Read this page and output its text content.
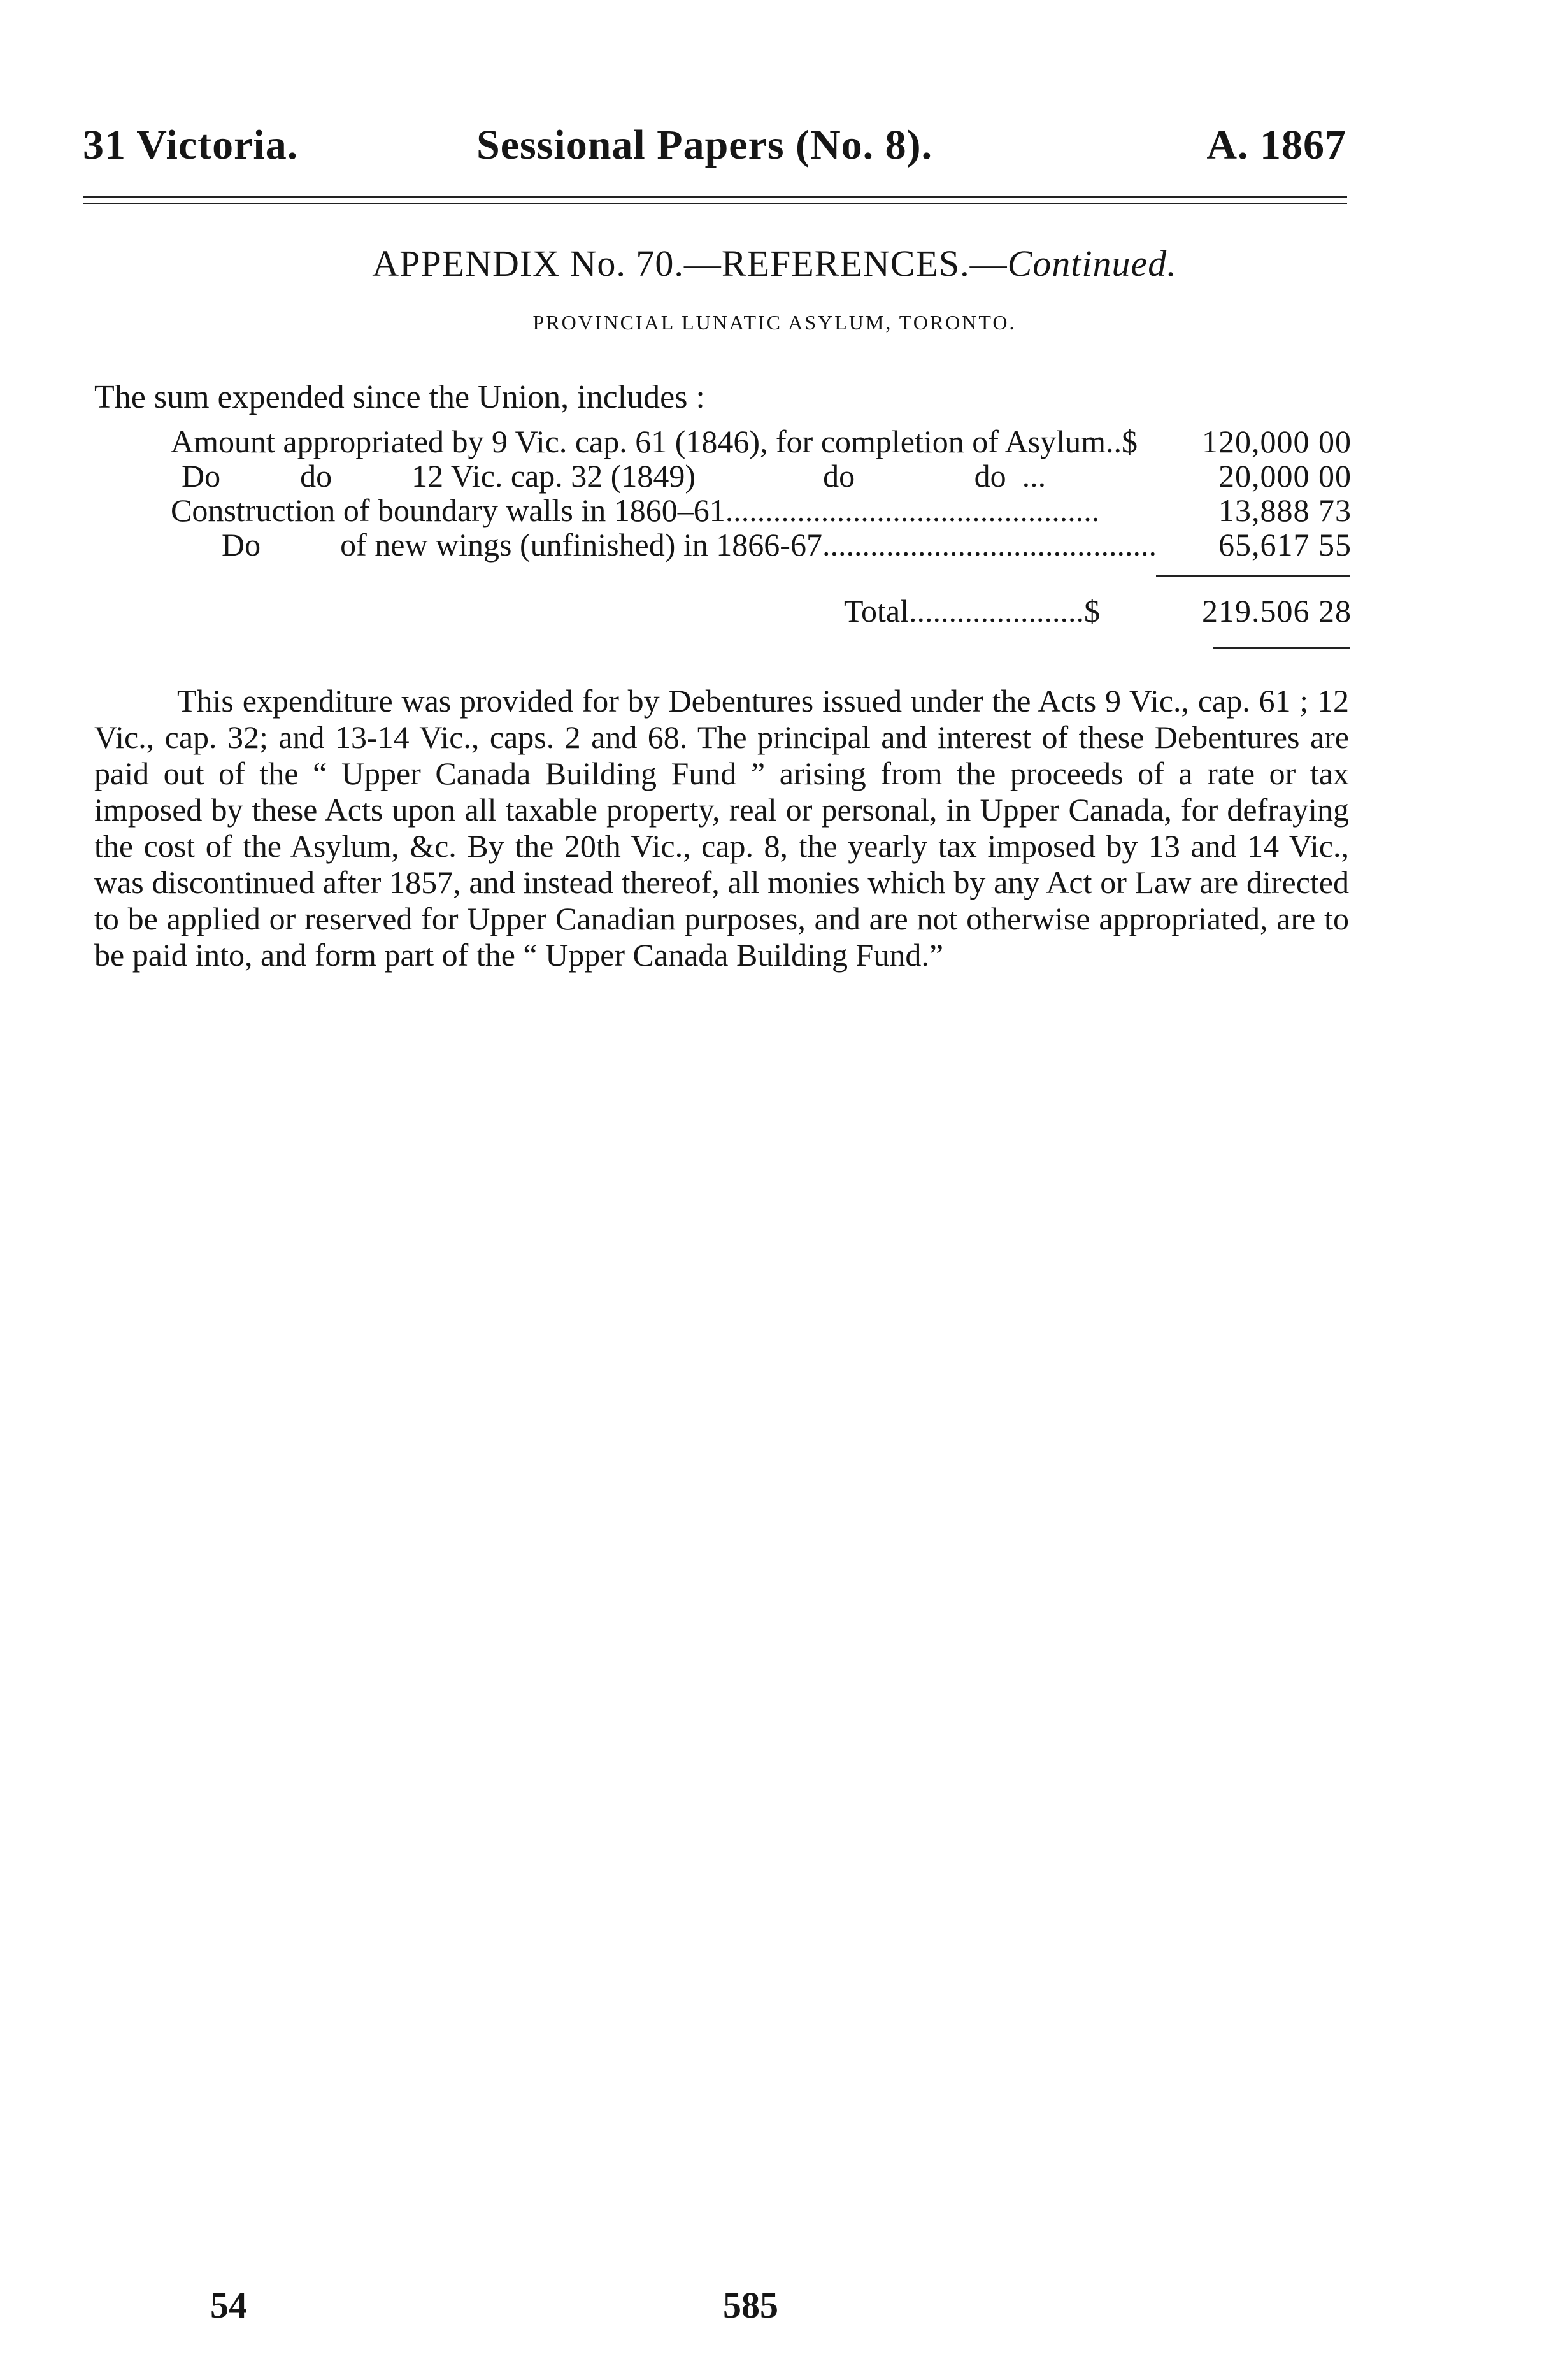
31 Victoria.	Sessional Papers (No. 8).	A. 1867
APPENDIX No. 70.—REFERENCES.—Continued.
PROVINCIAL LUNATIC ASYLUM, TORONTO.
The sum expended since the Union, includes :
Amount appropriated by 9 Vic. cap. 61 (1846), for completion of Asylum..$ 120,000 00
Do          do          12 Vic. cap. 32 (1849)                do               do  ...	20,000 00
Construction of boundary walls in 1860–61...............................................	13,888 73
Do          of new wings (unfinished) in 1866-67.......................................... 65,617 55
Total......................$	219.506 28
This expenditure was provided for by Debentures issued under the Acts 9 Vic., cap. 61 ; 12 Vic., cap. 32; and 13-14 Vic., caps. 2 and 68. The principal and interest of these Debentures are paid out of the “ Upper Canada Building Fund ” arising from the proceeds of a rate or tax imposed by these Acts upon all taxable property, real or personal, in Upper Canada, for defraying the cost of the Asylum, &c. By the 20th Vic., cap. 8, the yearly tax imposed by 13 and 14 Vic., was discontinued after 1857, and instead thereof, all monies which by any Act or Law are directed to be applied or reserved for Upper Canadian purposes, and are not otherwise appropriated, are to be paid into, and form part of the “ Upper Canada Building Fund.”
54	585
